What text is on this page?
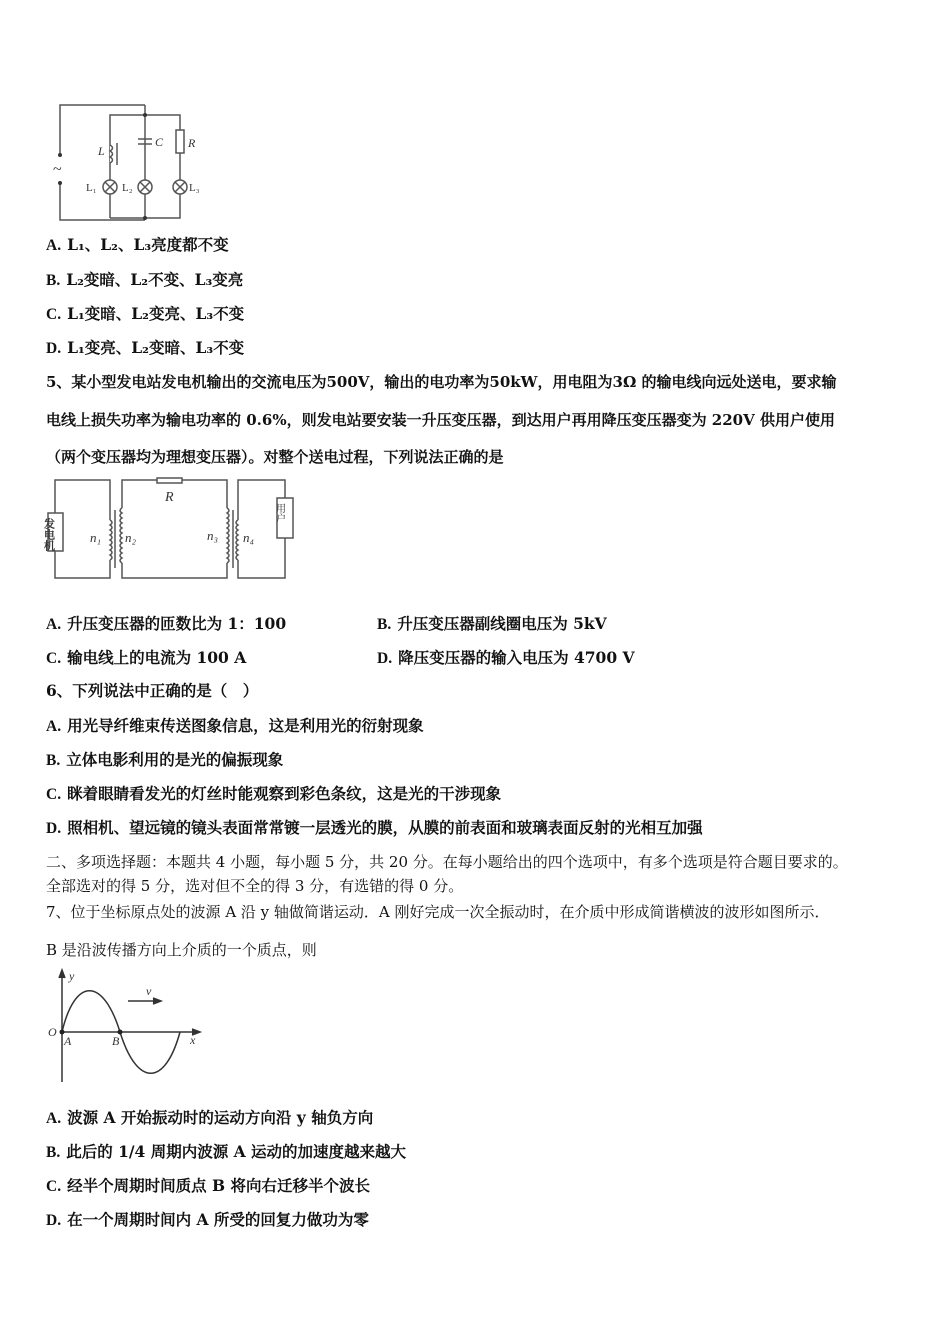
~
L
C R
L₁ L₂	L₃
A. L₁、L₂、L₃亮度都不变
B. L₂变暗、L₂不变、L₃变亮
C. L₁变暗、L₂变亮、L₃不变
D. L₁变亮、L₂变暗、L₃不变
5、某小型发电站发电机输出的交流电压为500V，输出的电功率为50kW，用电阻为3Ω 的输电线向远处送电，要求输
电线上损失功率为输电功率的 0.6%，则发电站要安装一升压变压器，到达用户再用降压变压器变为 220V 供用户使用
（两个变压器均为理想变压器）。对整个送电过程，下列说法正确的是
发电机
用户
R
n₁ n₂	n₃ n₄
A. 升压变压器的匝数比为 1：100	B. 升压变压器副线圈电压为 5kV
C. 输电线上的电流为 100 A	D. 降压变压器的输入电压为 4700 V
6、下列说法中正确的是（　）
A. 用光导纤维束传送图象信息，这是利用光的衍射现象
B. 立体电影利用的是光的偏振现象
C. 眯着眼睛看发光的灯丝时能观察到彩色条纹，这是光的干涉现象
D. 照相机、望远镜的镜头表面常常镀一层透光的膜，从膜的前表面和玻璃表面反射的光相互加强
二、多项选择题：本题共 4 小题，每小题 5 分，共 20 分。在每小题给出的四个选项中，有多个选项是符合题目要求的。
全部选对的得 5 分，选对但不全的得 3 分，有选错的得 0 分。
7、位于坐标原点处的波源 A 沿 y 轴做简谐运动．A 刚好完成一次全振动时，在介质中形成简谐横波的波形如图所示．
B 是沿波传播方向上介质的一个质点，则
y
x
O
A	B
v
A. 波源 A 开始振动时的运动方向沿 y 轴负方向
B. 此后的 1/4 周期内波源 A 运动的加速度越来越大
C. 经半个周期时间质点 B 将向右迁移半个波长
D. 在一个周期时间内 A 所受的回复力做功为零
